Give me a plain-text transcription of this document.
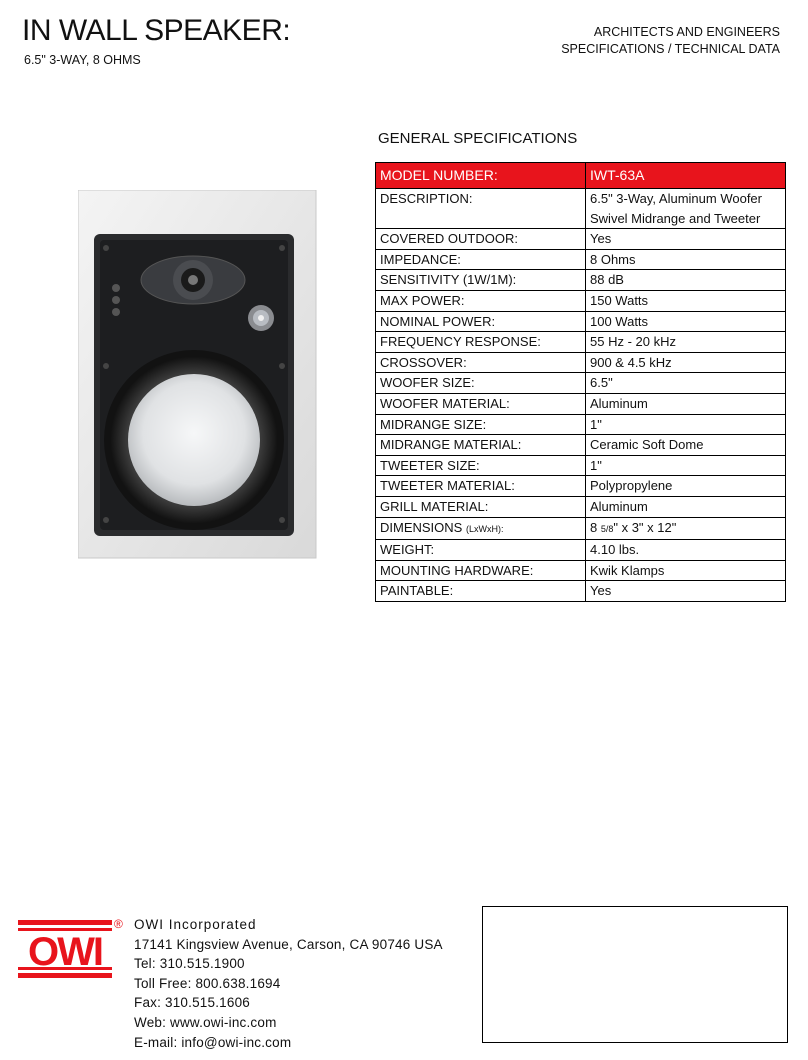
IN WALL SPEAKER:
6.5" 3-WAY, 8 OHMS
ARCHITECTS AND ENGINEERS
SPECIFICATIONS / TECHNICAL DATA
GENERAL SPECIFICATIONS
MODEL NUMBER:	IWT-63A
DESCRIPTION:	6.5" 3-Way, Aluminum Woofer
Swivel Midrange and Tweeter

COVERED OUTDOOR:	Yes
IMPEDANCE:	8 Ohms
SENSITIVITY (1W/1M):	88 dB
MAX POWER:	150 Watts
NOMINAL POWER:	100 Watts
FREQUENCY RESPONSE:	55 Hz - 20 kHz
CROSSOVER:	900 & 4.5 kHz
WOOFER SIZE:	6.5"
WOOFER MATERIAL:	Aluminum
MIDRANGE SIZE:	1"
MIDRANGE MATERIAL:	Ceramic Soft Dome
TWEETER SIZE:	1"
TWEETER MATERIAL:	Polypropylene
GRILL MATERIAL:	Aluminum
DIMENSIONS (LxWxH):	8 5/8" x 3" x 12"
WEIGHT:	4.10 lbs.
MOUNTING HARDWARE:	Kwik Klamps
PAINTABLE:	Yes
OWI
® OWI Incorporated
17141 Kingsview Avenue, Carson, CA 90746 USA
Tel: 310.515.1900
Toll Free: 800.638.1694
Fax: 310.515.1606
Web: www.owi-inc.com
E-mail: info@owi-inc.com
